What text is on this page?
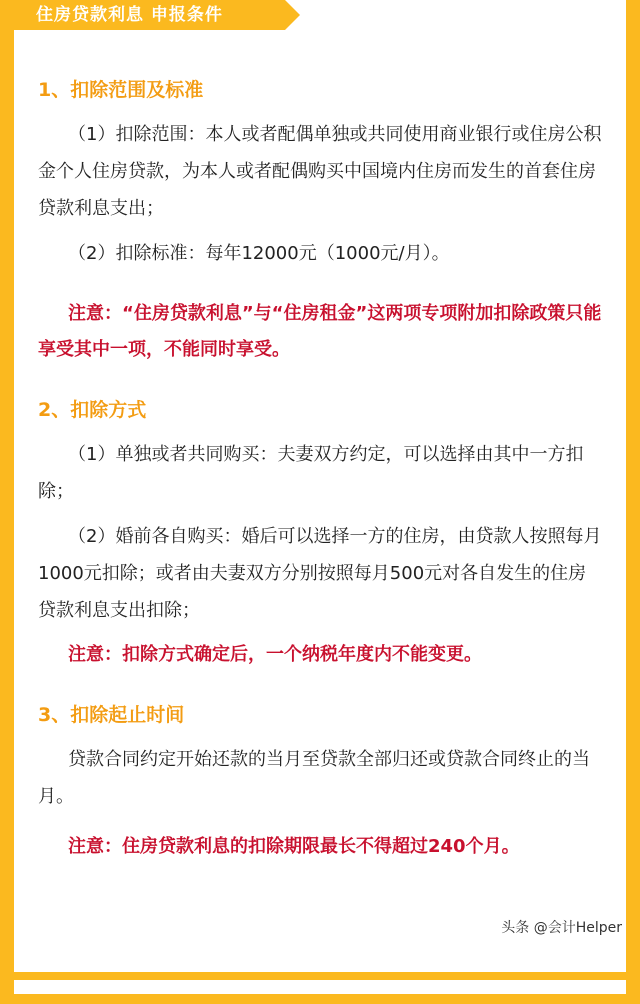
住房贷款利息 申报条件

1、扣除范围及标准

（1）扣除范围：本人或者配偶单独或共同使用商业银行或住房公积金个人住房贷款，为本人或者配偶购买中国境内住房而发生的首套住房贷款利息支出；

（2）扣除标准：每年12000元（1000元/月）。

注意：“住房贷款利息”与“住房租金”这两项专项附加扣除政策只能享受其中一项，不能同时享受。

2、扣除方式

（1）单独或者共同购买：夫妻双方约定，可以选择由其中一方扣除；

（2）婚前各自购买：婚后可以选择一方的住房，由贷款人按照每月1000元扣除；或者由夫妻双方分别按照每月500元对各自发生的住房贷款利息支出扣除；

注意：扣除方式确定后，一个纳税年度内不能变更。

3、扣除起止时间

贷款合同约定开始还款的当月至贷款全部归还或贷款合同终止的当月。

注意：住房贷款利息的扣除期限最长不得超过240个月。

头条 @会计Helper
